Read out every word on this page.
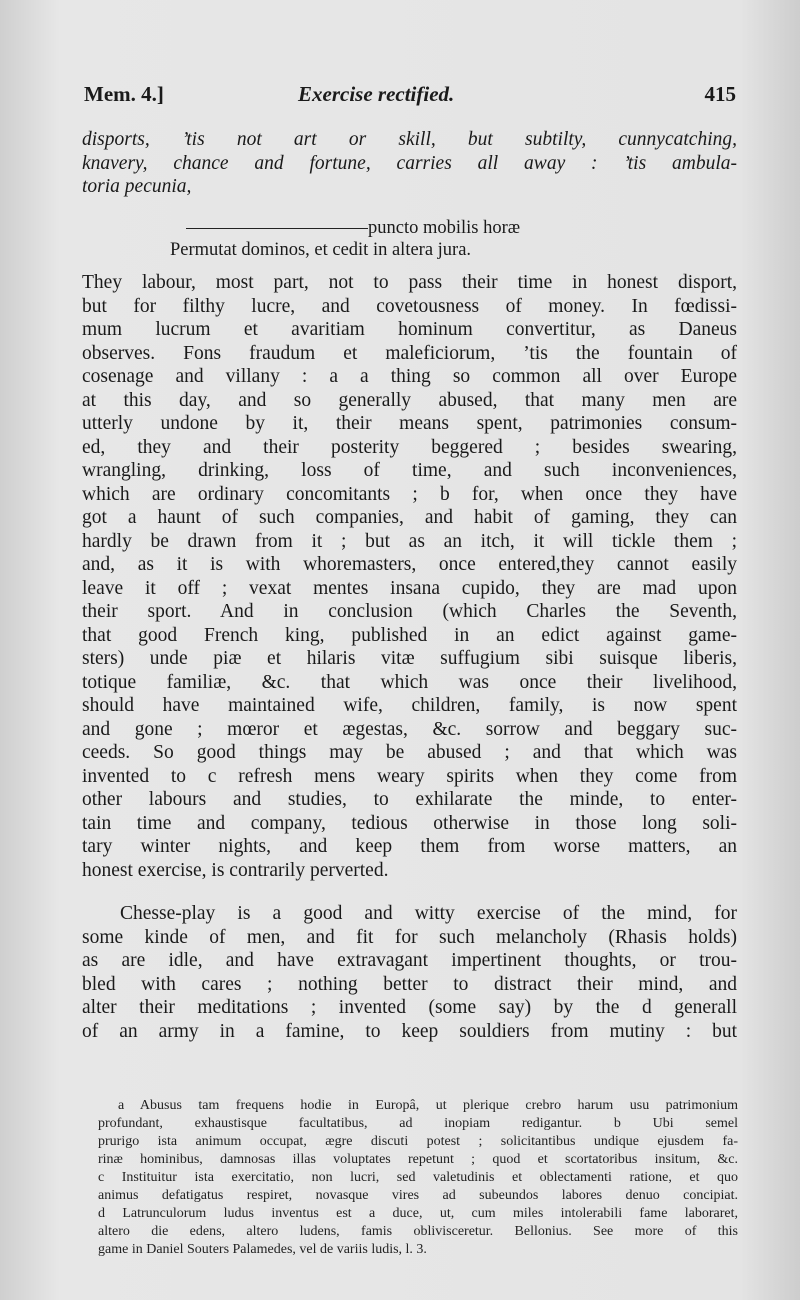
Mem. 4.]	Exercise rectified.	415
disports, ’tis not art or skill, but subtilty, cunnycatching,
knavery, chance and fortune, carries all away : ’tis ambula-
toria pecunia,
puncto mobilis horæ
Permutat dominos, et cedit in altera jura.
They labour, most part, not to pass their time in honest disport,
but for filthy lucre, and covetousness of money. In fœdissi-
mum lucrum et avaritiam hominum convertitur, as Daneus
observes. Fons fraudum et maleficiorum, ’tis the fountain of
cosenage and villany : a a thing so common all over Europe
at this day, and so generally abused, that many men are
utterly undone by it, their means spent, patrimonies consum-
ed, they and their posterity beggered ; besides swearing,
wrangling, drinking, loss of time, and such inconveniences,
which are ordinary concomitants ; b for, when once they have
got a haunt of such companies, and habit of gaming, they can
hardly be drawn from it ; but as an itch, it will tickle them ;
and, as it is with whoremasters, once entered,they cannot easily
leave it off ; vexat mentes insana cupido, they are mad upon
their sport. And in conclusion (which Charles the Seventh,
that good French king, published in an edict against game-
sters) unde piæ et hilaris vitæ suffugium sibi suisque liberis,
totique familiæ, &c. that which was once their livelihood,
should have maintained wife, children, family, is now spent
and gone ; mœror et ægestas, &c. sorrow and beggary suc-
ceeds. So good things may be abused ; and that which was
invented to c refresh mens weary spirits when they come from
other labours and studies, to exhilarate the minde, to enter-
tain time and company, tedious otherwise in those long soli-
tary winter nights, and keep them from worse matters, an
honest exercise, is contrarily perverted.
Chesse-play is a good and witty exercise of the mind, for
some kinde of men, and fit for such melancholy (Rhasis holds)
as are idle, and have extravagant impertinent thoughts, or trou-
bled with cares ; nothing better to distract their mind, and
alter their meditations ; invented (some say) by the d generall
of an army in a famine, to keep souldiers from mutiny : but
a Abusus tam frequens hodie in Europâ, ut plerique crebro harum usu patrimonium
profundant, exhaustisque facultatibus, ad inopiam redigantur. b Ubi semel
prurigo ista animum occupat, ægre discuti potest ; solicitantibus undique ejusdem fa-
rinæ hominibus, damnosas illas voluptates repetunt ; quod et scortatoribus insitum, &c.
c Instituitur ista exercitatio, non lucri, sed valetudinis et oblectamenti ratione, et quo
animus defatigatus respiret, novasque vires ad subeundos labores denuo concipiat.
d Latrunculorum ludus inventus est a duce, ut, cum miles intolerabili fame laboraret,
altero die edens, altero ludens, famis oblivisceretur. Bellonius. See more of this
game in Daniel Souters Palamedes, vel de variis ludis, l. 3.
